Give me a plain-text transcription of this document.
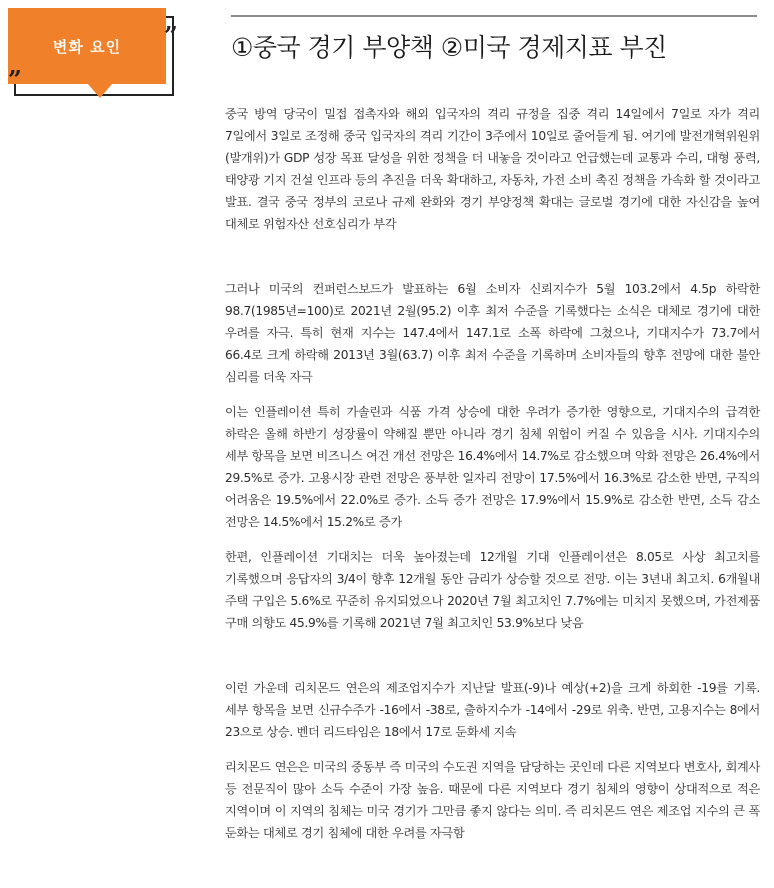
변화 요인	”
”
①중국 경기 부양책 ②미국 경제지표 부진

중국 방역 당국이 밀접 접촉자와 해외 입국자의 격리 규정을 집중 격리 14일에서 7일로 자가 격리 7일에서 3일로 조정해 중국 입국자의 격리 기간이 3주에서 10일로 줄어들게 됨. 여기에 발전개혁위원위(발개위)가 GDP 성장 목표 달성을 위한 정책을 더 내놓을 것이라고 언급했는데 교통과 수리, 대형 풍력, 태양광 기지 건설 인프라 등의 추진을 더욱 확대하고, 자동차, 가전 소비 촉진 정책을 가속화 할 것이라고 발표. 결국 중국 정부의 코로나 규제 완화와 경기 부양정책 확대는 글로벌 경기에 대한 자신감을 높여 대체로 위험자산 선호심리가 부각

그러나 미국의 컨퍼런스보드가 발표하는 6월 소비자 신뢰지수가 5월 103.2에서 4.5p 하락한 98.7(1985년=100)로 2021년 2월(95.2) 이후 최저 수준을 기록했다는 소식은 대체로 경기에 대한 우려를 자극. 특히 현재 지수는 147.4에서 147.1로 소폭 하락에 그쳤으나, 기대지수가 73.7에서 66.4로 크게 하락해 2013년 3월(63.7) 이후 최저 수준을 기록하며 소비자들의 향후 전망에 대한 불안 심리를 더욱 자극

이는 인플레이션 특히 가솔린과 식품 가격 상승에 대한 우려가 증가한 영향으로, 기대지수의 급격한 하락은 올해 하반기 성장률이 약해질 뿐만 아니라 경기 침체 위험이 커질 수 있음을 시사. 기대지수의 세부 항목을 보면 비즈니스 여건 개선 전망은 16.4%에서 14.7%로 감소했으며 악화 전망은 26.4%에서 29.5%로 증가. 고용시장 관련 전망은 풍부한 일자리 전망이 17.5%에서 16.3%로 감소한 반면, 구직의 어려움은 19.5%에서 22.0%로 증가. 소득 증가 전망은 17.9%에서 15.9%로 감소한 반면, 소득 감소 전망은 14.5%에서 15.2%로 증가

한편, 인플레이션 기대치는 더욱 높아졌는데 12개월 기대 인플레이션은 8.05로 사상 최고치를 기록했으며 응답자의 3/4이 향후 12개월 동안 금리가 상승할 것으로 전망. 이는 3년내 최고치. 6개월내 주택 구입은 5.6%로 꾸준히 유지되었으나 2020년 7월 최고치인 7.7%에는 미치지 못했으며, 가전제품 구매 의향도 45.9%를 기록해 2021년 7월 최고치인 53.9%보다 낮음

이런 가운데 리치몬드 연은의 제조업지수가 지난달 발표(-9)나 예상(+2)을 크게 하회한 -19를 기록. 세부 항목을 보면 신규수주가 -16에서 -38로, 출하지수가 -14에서 -29로 위축. 반면, 고용지수는 8에서 23으로 상승. 벤더 리드타임은 18에서 17로 둔화세 지속

리치몬드 연은은 미국의 중동부 즉 미국의 수도권 지역을 담당하는 곳인데 다른 지역보다 변호사, 회계사 등 전문직이 많아 소득 수준이 가장 높음. 때문에 다른 지역보다 경기 침체의 영향이 상대적으로 적은 지역이며 이 지역의 침체는 미국 경기가 그만큼 좋지 않다는 의미. 즉 리치몬드 연은 제조업 지수의 큰 폭 둔화는 대체로 경기 침체에 대한 우려를 자극함
